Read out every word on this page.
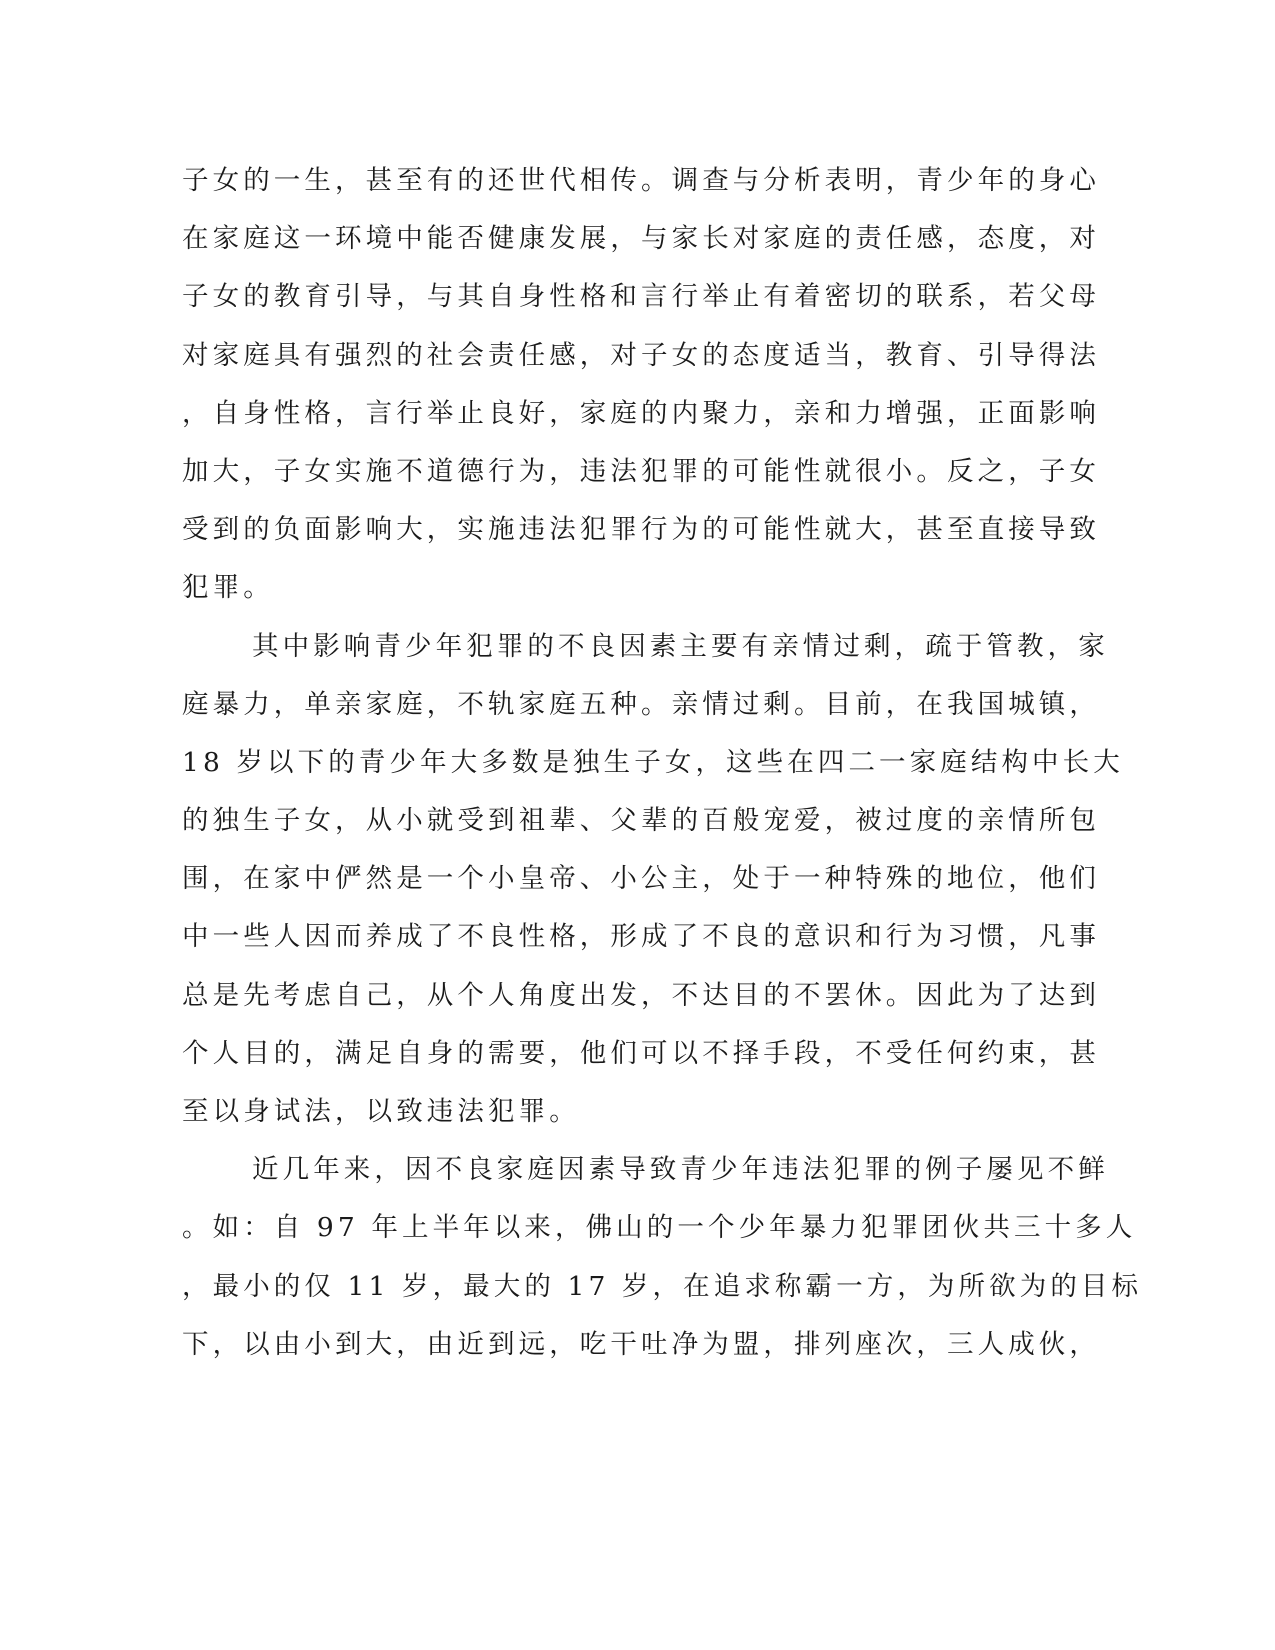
子女的一生，甚至有的还世代相传。调查与分析表明，青少年的身心
在家庭这一环境中能否健康发展，与家长对家庭的责任感，态度，对
子女的教育引导，与其自身性格和言行举止有着密切的联系，若父母
对家庭具有强烈的社会责任感，对子女的态度适当，教育、引导得法
，自身性格，言行举止良好，家庭的内聚力，亲和力增强，正面影响
加大，子女实施不道德行为，违法犯罪的可能性就很小。反之，子女
受到的负面影响大，实施违法犯罪行为的可能性就大，甚至直接导致
犯罪。
其中影响青少年犯罪的不良因素主要有亲情过剩，疏于管教，家
庭暴力，单亲家庭，不轨家庭五种。亲情过剩。目前，在我国城镇，
18 岁以下的青少年大多数是独生子女，这些在四二一家庭结构中长大
的独生子女，从小就受到祖辈、父辈的百般宠爱，被过度的亲情所包
围，在家中俨然是一个小皇帝、小公主，处于一种特殊的地位，他们
中一些人因而养成了不良性格，形成了不良的意识和行为习惯，凡事
总是先考虑自己，从个人角度出发，不达目的不罢休。因此为了达到
个人目的，满足自身的需要，他们可以不择手段，不受任何约束，甚
至以身试法，以致违法犯罪。
近几年来，因不良家庭因素导致青少年违法犯罪的例子屡见不鲜
。如：自 97 年上半年以来，佛山的一个少年暴力犯罪团伙共三十多人
，最小的仅 11 岁，最大的 17 岁，在追求称霸一方，为所欲为的目标
下，以由小到大，由近到远，吃干吐净为盟，排列座次，三人成伙，
